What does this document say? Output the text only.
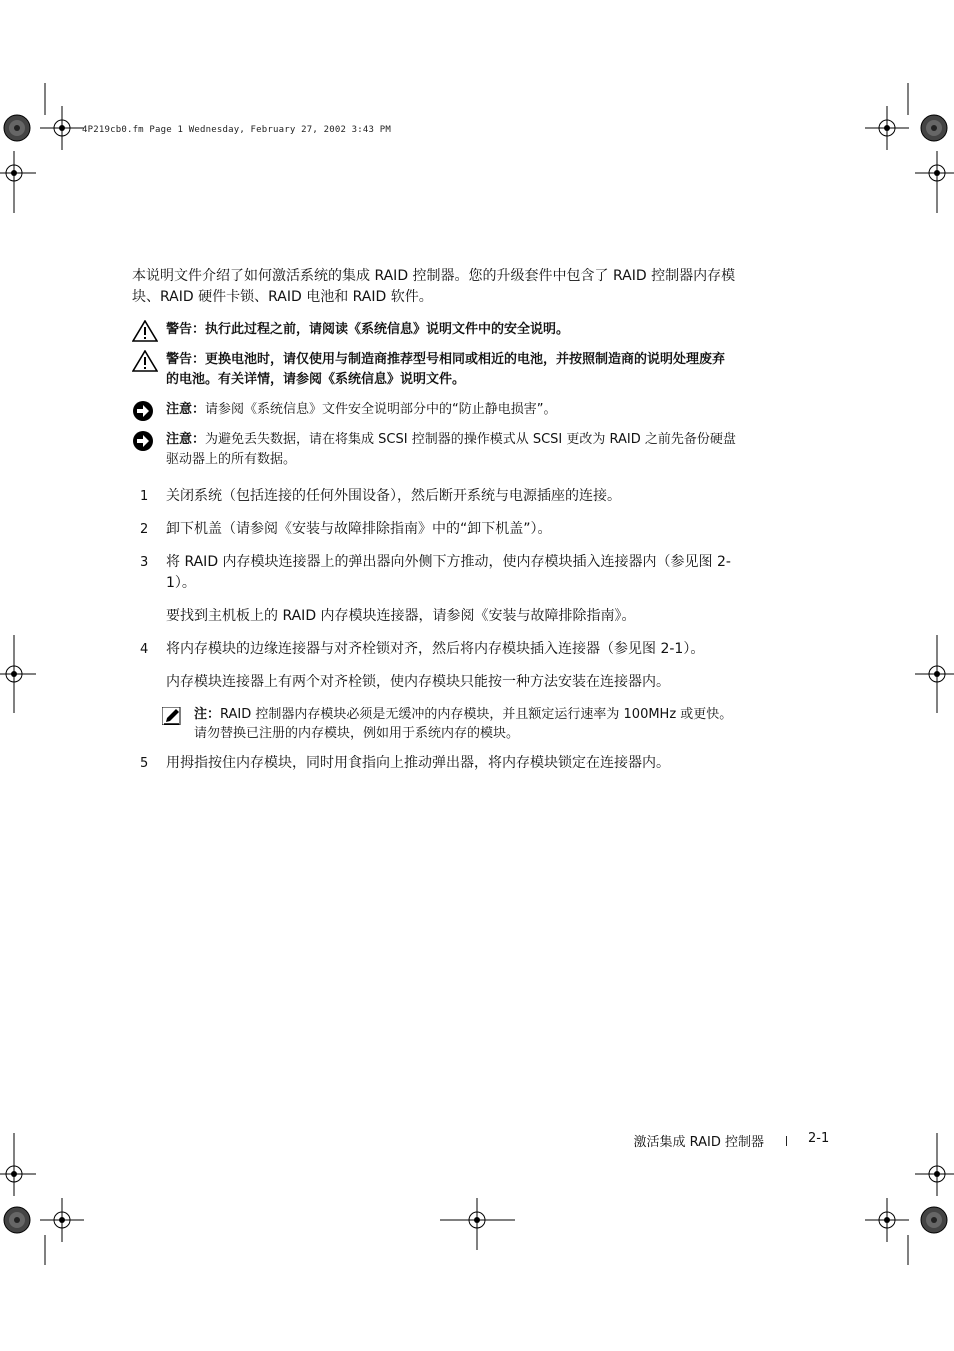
4P219cb0.fm Page 1 Wednesday, February 27, 2002 3:43 PM

本说明文件介绍了如何激活系统的集成 RAID 控制器。您的升级套件中包含了 RAID 控制器内存模块、RAID 硬件卡锁、RAID 电池和 RAID 软件。

警告：执行此过程之前，请阅读《系统信息》说明文件中的安全说明。
警告：更换电池时，请仅使用与制造商推荐型号相同或相近的电池，并按照制造商的说明处理废弃的电池。有关详情，请参阅《系统信息》说明文件。
注意：请参阅《系统信息》文件安全说明部分中的“防止静电损害”。
注意：为避免丢失数据，请在将集成 SCSI 控制器的操作模式从 SCSI 更改为 RAID 之前先备份硬盘驱动器上的所有数据。
1 关闭系统（包括连接的任何外围设备），然后断开系统与电源插座的连接。
2 卸下机盖（请参阅《安装与故障排除指南》中的“卸下机盖”）。
3 将 RAID 内存模块连接器上的弹出器向外侧下方推动，使内存模块插入连接器内（参见图 2-1）。

要找到主机板上的 RAID 内存模块连接器，请参阅《安装与故障排除指南》。

4 将内存模块的边缘连接器与对齐栓锁对齐，然后将内存模块插入连接器（参见图 2-1）。

内存模块连接器上有两个对齐栓锁，使内存模块只能按一种方法安装在连接器内。

注：RAID 控制器内存模块必须是无缓冲的内存模块，并且额定运行速率为 100MHz 或更快。请勿替换已注册的内存模块，例如用于系统内存的模块。
5 用拇指按住内存模块，同时用食指向上推动弹出器，将内存模块锁定在连接器内。
激活集成 RAID 控制器	2-1
